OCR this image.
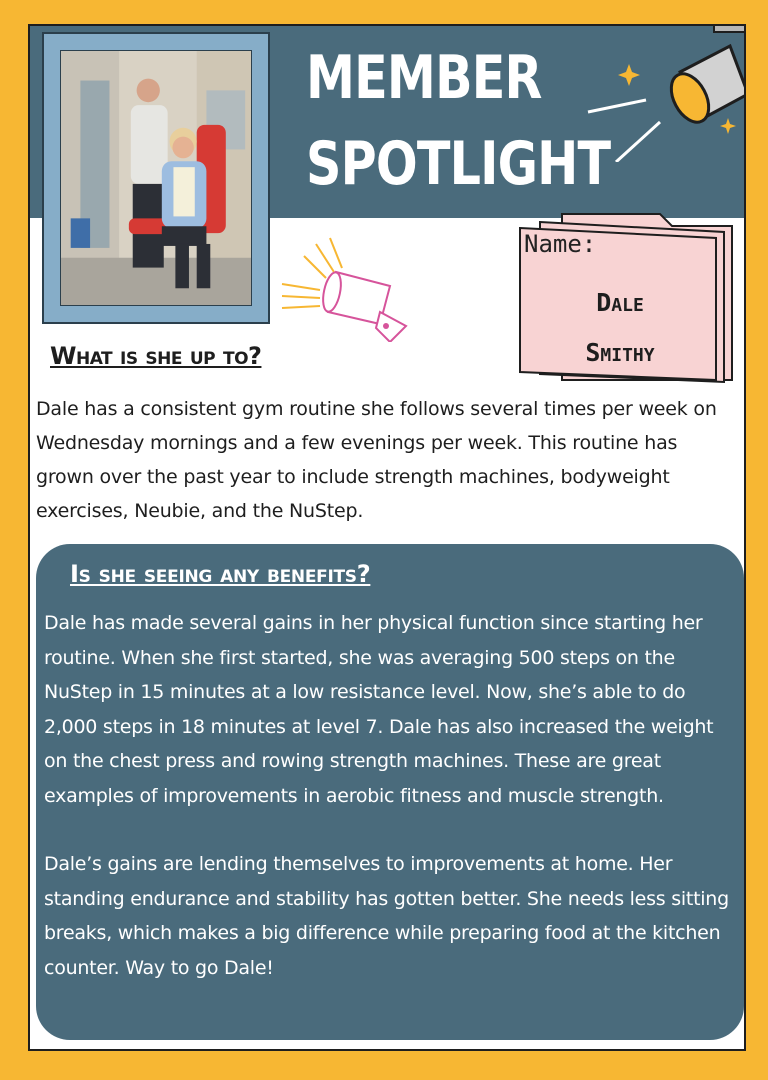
MEMBER
SPOTLIGHT
Name:
Dale
Smithy
What is she up to?
Dale has a consistent gym routine she follows several times per week on Wednesday mornings and a few evenings per week. This routine has grown over the past year to include strength machines, bodyweight exercises, Neubie, and the NuStep.
Is she seeing any benefits?

Dale has made several gains in her physical function since starting her routine. When she first started, she was averaging 500 steps on the NuStep in 15 minutes at a low resistance level. Now, she’s able to do 2,000 steps in 18 minutes at level 7. Dale has also increased the weight on the chest press and rowing strength machines. These are great examples of improvements in aerobic fitness and muscle strength.

Dale’s gains are lending themselves to improvements at home. Her standing endurance and stability has gotten better. She needs less sitting breaks, which makes a big difference while preparing food at the kitchen counter. Way to go Dale!
